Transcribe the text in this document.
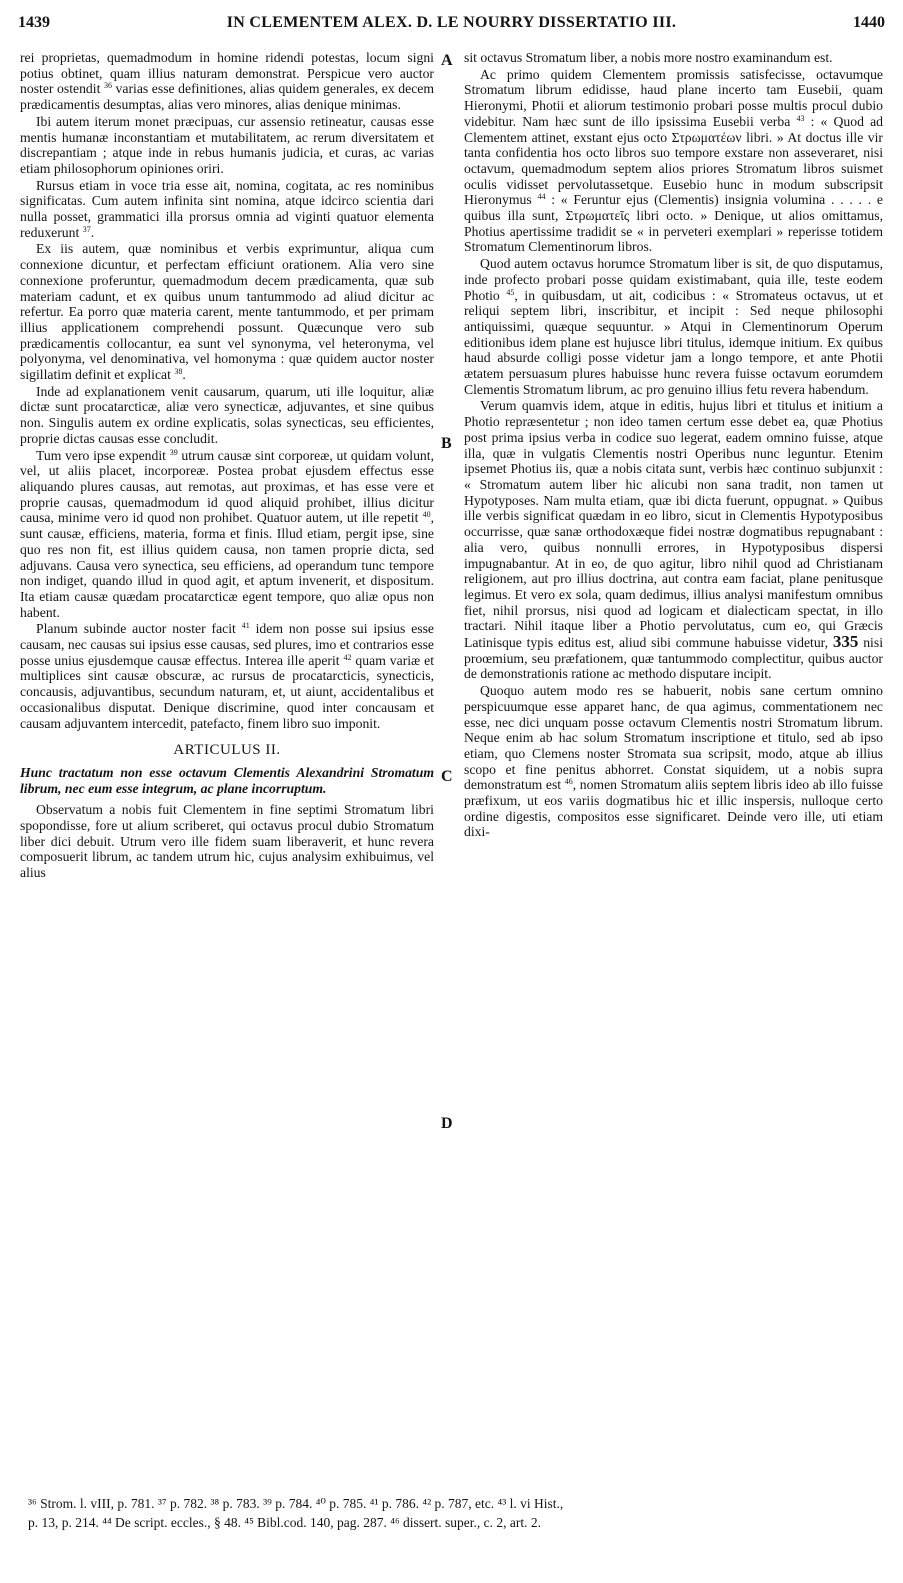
1439	IN CLEMENTEM ALEX. D. LE NOURRY DISSERTATIO III.	1440
A
B
C
D

rei proprietas, quemadmodum in homine ridendi potestas, locum signi potius obtinet, quam illius naturam demonstrat. Perspicue vero auctor noster ostendit $^{36}$ varias esse definitiones, alias quidem generales, ex decem prædicamentis desumptas, alias vero minores, alias denique minimas.

Ibi autem iterum monet præcipuas, cur assensio retineatur, causas esse mentis humanæ inconstantiam et mutabilitatem, ac rerum diversitatem et discrepantiam ; atque inde in rebus humanis judicia, et curas, ac varias etiam philosophorum opiniones oriri.

Rursus etiam in voce tria esse ait, nomina, cogitata, ac res nominibus significatas. Cum autem infinita sint nomina, atque idcirco scientia dari nulla posset, grammatici illa prorsus omnia ad viginti quatuor elementa reduxerunt $^{37}$.

Ex iis autem, quæ nominibus et verbis exprimuntur, aliqua cum connexione dicuntur, et perfectam efficiunt orationem. Alia vero sine connexione proferuntur, quemadmodum decem prædicamenta, quæ sub materiam cadunt, et ex quibus unum tantummodo ad aliud dicitur ac refertur. Ea porro quæ materia carent, mente tantummodo, et per primam illius applicationem comprehendi possunt. Quæcunque vero sub prædicamentis collocantur, ea sunt vel synonyma, vel heteronyma, vel polyonyma, vel denominativa, vel homonyma : quæ quidem auctor noster sigillatim definit et explicat $^{38}$.

Inde ad explanationem venit causarum, quarum, uti ille loquitur, aliæ dictæ sunt procatarcticæ, aliæ vero synecticæ, adjuvantes, et sine quibus non. Singulis autem ex ordine explicatis, solas synecticas, seu efficientes, proprie dictas causas esse concludit.

Tum vero ipse expendit $^{39}$ utrum causæ sint corporeæ, ut quidam volunt, vel, ut aliis placet, incorporeæ. Postea probat ejusdem effectus esse aliquando plures causas, aut remotas, aut proximas, et has esse vere et proprie causas, quemadmodum id quod aliquid prohibet, illius dicitur causa, minime vero id quod non prohibet. Quatuor autem, ut ille repetit $^{40}$, sunt causæ, efficiens, materia, forma et finis. Illud etiam, pergit ipse, sine quo res non fit, est illius quidem causa, non tamen proprie dicta, sed adjuvans. Causa vero synectica, seu efficiens, ad operandum tunc tempore non indiget, quando illud in quod agit, et aptum invenerit, et dispositum. Ita etiam causæ quædam procatarcticæ egent tempore, quo aliæ opus non habent.

Planum subinde auctor noster facit $^{41}$ idem non posse sui ipsius esse causam, nec causas sui ipsius esse causas, sed plures, imo et contrarios esse posse unius ejusdemque causæ effectus. Interea ille aperit $^{42}$ quam variæ et multiplices sint causæ obscuræ, ac rursus de procatarcticis, synecticis, concausis, adjuvantibus, secundum naturam, et, ut aiunt, accidentalibus et occasionalibus disputat. Denique discrimine, quod inter concausam et causam adjuvantem intercedit, patefacto, finem libro suo imponit.

ARTICULUS II.

Hunc tractatum non esse octavum Clementis Alexandrini Stromatum librum, nec eum esse integrum, ac plane incorruptum.

Observatum a nobis fuit Clementem in fine septimi Stromatum libri spopondisse, fore ut alium scriberet, qui octavus procul dubio Stromatum liber dici debuit. Utrum vero ille fidem suam liberaverit, et hunc revera composuerit librum, ac tandem utrum hic, cujus analysim exhibuimus, vel alius

sit octavus Stromatum liber, a nobis more nostro examinandum est.

Ac primo quidem Clementem promissis satisfecisse, octavumque Stromatum librum edidisse, haud plane incerto tam Eusebii, quam Hieronymi, Photii et aliorum testimonio probari posse multis procul dubio videbitur. Nam hæc sunt de illo ipsissima Eusebii verba $^{43}$ : « Quod ad Clementem attinet, exstant ejus octo Στρωματέων libri. » At doctus ille vir tanta confidentia hos octo libros suo tempore exstare non asseveraret, nisi octavum, quemadmodum septem alios priores Stromatum libros suismet oculis vidisset pervolutassetque. Eusebio hunc in modum subscripsit Hieronymus $^{44}$ : « Feruntur ejus (Clementis) insignia volumina . . . . . e quibus illa sunt, Στρωματεῖς libri octo. » Denique, ut alios omittamus, Photius apertissime tradidit se « in perveteri exemplari » reperisse totidem Stromatum Clementinorum libros.

Quod autem octavus horumce Stromatum liber is sit, de quo disputamus, inde profecto probari posse quidam existimabant, quia ille, teste eodem Photio $^{45}$, in quibusdam, ut ait, codicibus : « Stromateus octavus, ut et reliqui septem libri, inscribitur, et incipit : Sed neque philosophi antiquissimi, quæque sequuntur. » Atqui in Clementinorum Operum editionibus idem plane est hujusce libri titulus, idemque initium. Ex quibus haud absurde colligi posse videtur jam a longo tempore, et ante Photii ætatem persuasum plures habuisse hunc revera fuisse octavum eorumdem Clementis Stromatum librum, ac pro genuino illius fetu revera habendum.

Verum quamvis idem, atque in editis, hujus libri et titulus et initium a Photio repræsentetur ; non ideo tamen certum esse debet ea, quæ Photius post prima ipsius verba in codice suo legerat, eadem omnino fuisse, atque illa, quæ in vulgatis Clementis nostri Operibus nunc leguntur. Etenim ipsemet Photius iis, quæ a nobis citata sunt, verbis hæc continuo subjunxit : « Stromatum autem liber hic alicubi non sana tradit, non tamen ut Hypotyposes. Nam multa etiam, quæ ibi dicta fuerunt, oppugnat. » Quibus ille verbis significat quædam in eo libro, sicut in Clementis Hypotyposibus occurrisse, quæ sanæ orthodoxæque fidei nostræ dogmatibus repugnabant : alia vero, quibus nonnulli errores, in Hypotyposibus dispersi impugnabantur. At in eo, de quo agitur, libro nihil quod ad Christianam religionem, aut pro illius doctrina, aut contra eam faciat, plane penitusque legimus. Et vero ex sola, quam dedimus, illius analysi manifestum omnibus fiet, nihil prorsus, nisi quod ad logicam et dialecticam spectat, in illo tractari. Nihil itaque liber a Photio pervolutatus, cum eo, qui Græcis Latinisque typis editus est, aliud sibi commune habuisse videtur, 335 nisi proœmium, seu præfationem, quæ tantummodo complectitur, quibus auctor de demonstrationis ratione ac methodo disputare incipit.

Quoquo autem modo res se habuerit, nobis sane certum omnino perspicuumque esse apparet hanc, de qua agimus, commentationem nec esse, nec dici unquam posse octavum Clementis nostri Stromatum librum. Neque enim ab hac solum Stromatum inscriptione et titulo, sed ab ipso etiam, quo Clemens noster Stromata sua scripsit, modo, atque ab illius scopo et fine penitus abhorret. Constat siquidem, ut a nobis supra demonstratum est $^{46}$, nomen Stromatum aliis septem libris ideo ab illo fuisse præfixum, ut eos variis dogmatibus hic et illic inspersis, nulloque certo ordine digestis, compositos esse significaret. Deinde vero ille, uti etiam dixi-

³⁶ Strom. l. vIII, p. 781. ³⁷ p. 782. ³⁸ p. 783. ³⁹ p. 784. ⁴⁰ p. 785. ⁴¹ p. 786. ⁴² p. 787, etc. ⁴³ l. vi Hist.,
p. 13, p. 214. ⁴⁴ De script. eccles., § 48. ⁴⁵ Bibl.cod. 140, pag. 287. ⁴⁶ dissert. super., c. 2, art. 2.
